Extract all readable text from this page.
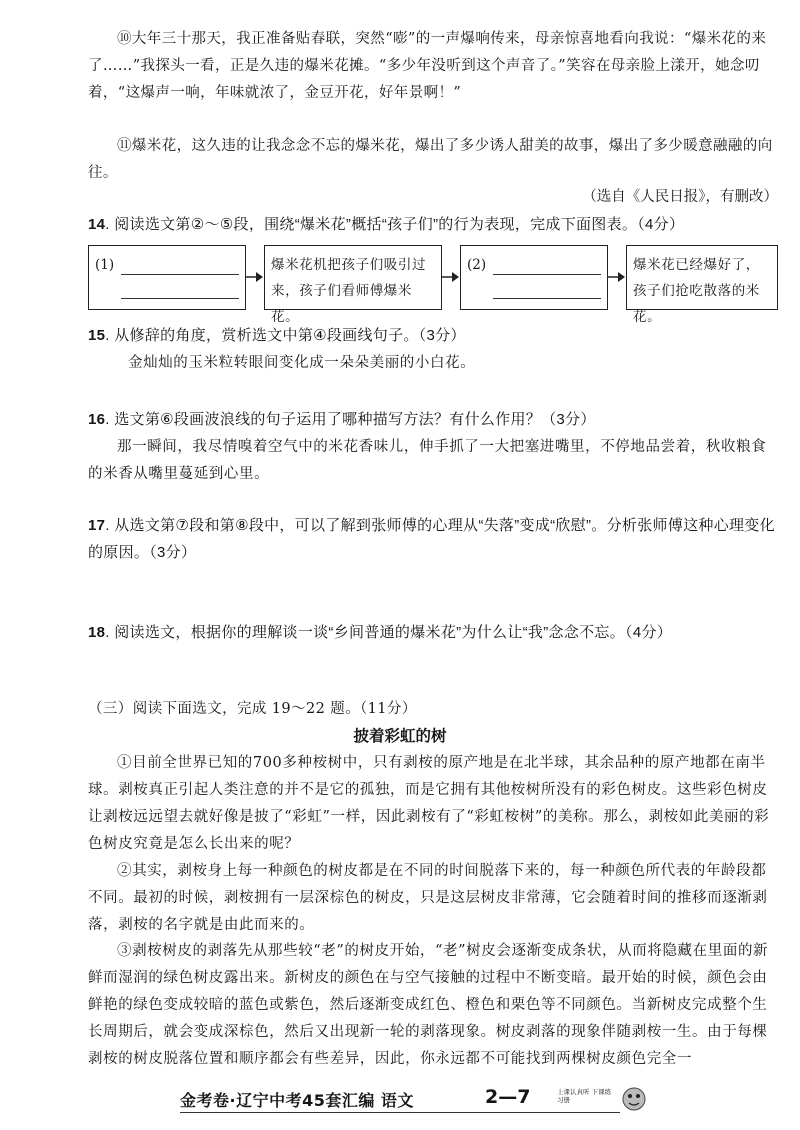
⑩大年三十那天，我正准备贴春联，突然“嘭”的一声爆响传来，母亲惊喜地看向我说：“爆米花的来了……”我探头一看，正是久违的爆米花摊。“多少年没听到这个声音了。”笑容在母亲脸上漾开，她念叨着，“这爆声一响，年味就浓了，金豆开花，好年景啊！”
⑪爆米花，这久违的让我念念不忘的爆米花，爆出了多少诱人甜美的故事，爆出了多少暖意融融的向往。
（选自《人民日报》，有删改）
14. 阅读选文第②～⑤段，围绕“爆米花”概括“孩子们”的行为表现，完成下面图表。（4分）
(1)	爆米花机把孩子们吸引过来，孩子们看师傅爆米花。
(2)	爆米花已经爆好了，孩子们抢吃散落的米花。
15. 从修辞的角度，赏析选文中第④段画线句子。（3分）
金灿灿的玉米粒转眼间变化成一朵朵美丽的小白花。
16. 选文第⑥段画波浪线的句子运用了哪种描写方法？有什么作用？（3分）
那一瞬间，我尽情嗅着空气中的米花香味儿，伸手抓了一大把塞进嘴里，不停地品尝着，秋收粮食的米香从嘴里蔓延到心里。
17. 从选文第⑦段和第⑧段中，可以了解到张师傅的心理从“失落”变成“欣慰”。分析张师傅这种心理变化的原因。（3分）
18. 阅读选文，根据你的理解谈一谈“乡间普通的爆米花”为什么让“我”念念不忘。（4分）
（三）阅读下面选文，完成 19～22 题。（11分）
披着彩虹的树
①目前全世界已知的700多种桉树中，只有剥桉的原产地是在北半球，其余品种的原产地都在南半球。剥桉真正引起人类注意的并不是它的孤独，而是它拥有其他桉树所没有的彩色树皮。这些彩色树皮让剥桉远远望去就好像是披了“彩虹”一样，因此剥桉有了“彩虹桉树”的美称。那么，剥桉如此美丽的彩色树皮究竟是怎么长出来的呢？
②其实，剥桉身上每一种颜色的树皮都是在不同的时间脱落下来的，每一种颜色所代表的年龄段都不同。最初的时候，剥桉拥有一层深棕色的树皮，只是这层树皮非常薄，它会随着时间的推移而逐渐剥落，剥桉的名字就是由此而来的。
③剥桉树皮的剥落先从那些较“老”的树皮开始，“老”树皮会逐渐变成条状，从而将隐藏在里面的新鲜而湿润的绿色树皮露出来。新树皮的颜色在与空气接触的过程中不断变暗。最开始的时候，颜色会由鲜艳的绿色变成较暗的蓝色或紫色，然后逐渐变成红色、橙色和栗色等不同颜色。当新树皮完成整个生长周期后，就会变成深棕色，然后又出现新一轮的剥落现象。树皮剥落的现象伴随剥桉一生。由于每棵剥桉的树皮脱落位置和顺序都会有些差异，因此，你永远都不可能找到两棵树皮颜色完全一
金考卷·辽宁中考45套汇编 语文	2—7	上课认真听 下课练习册
